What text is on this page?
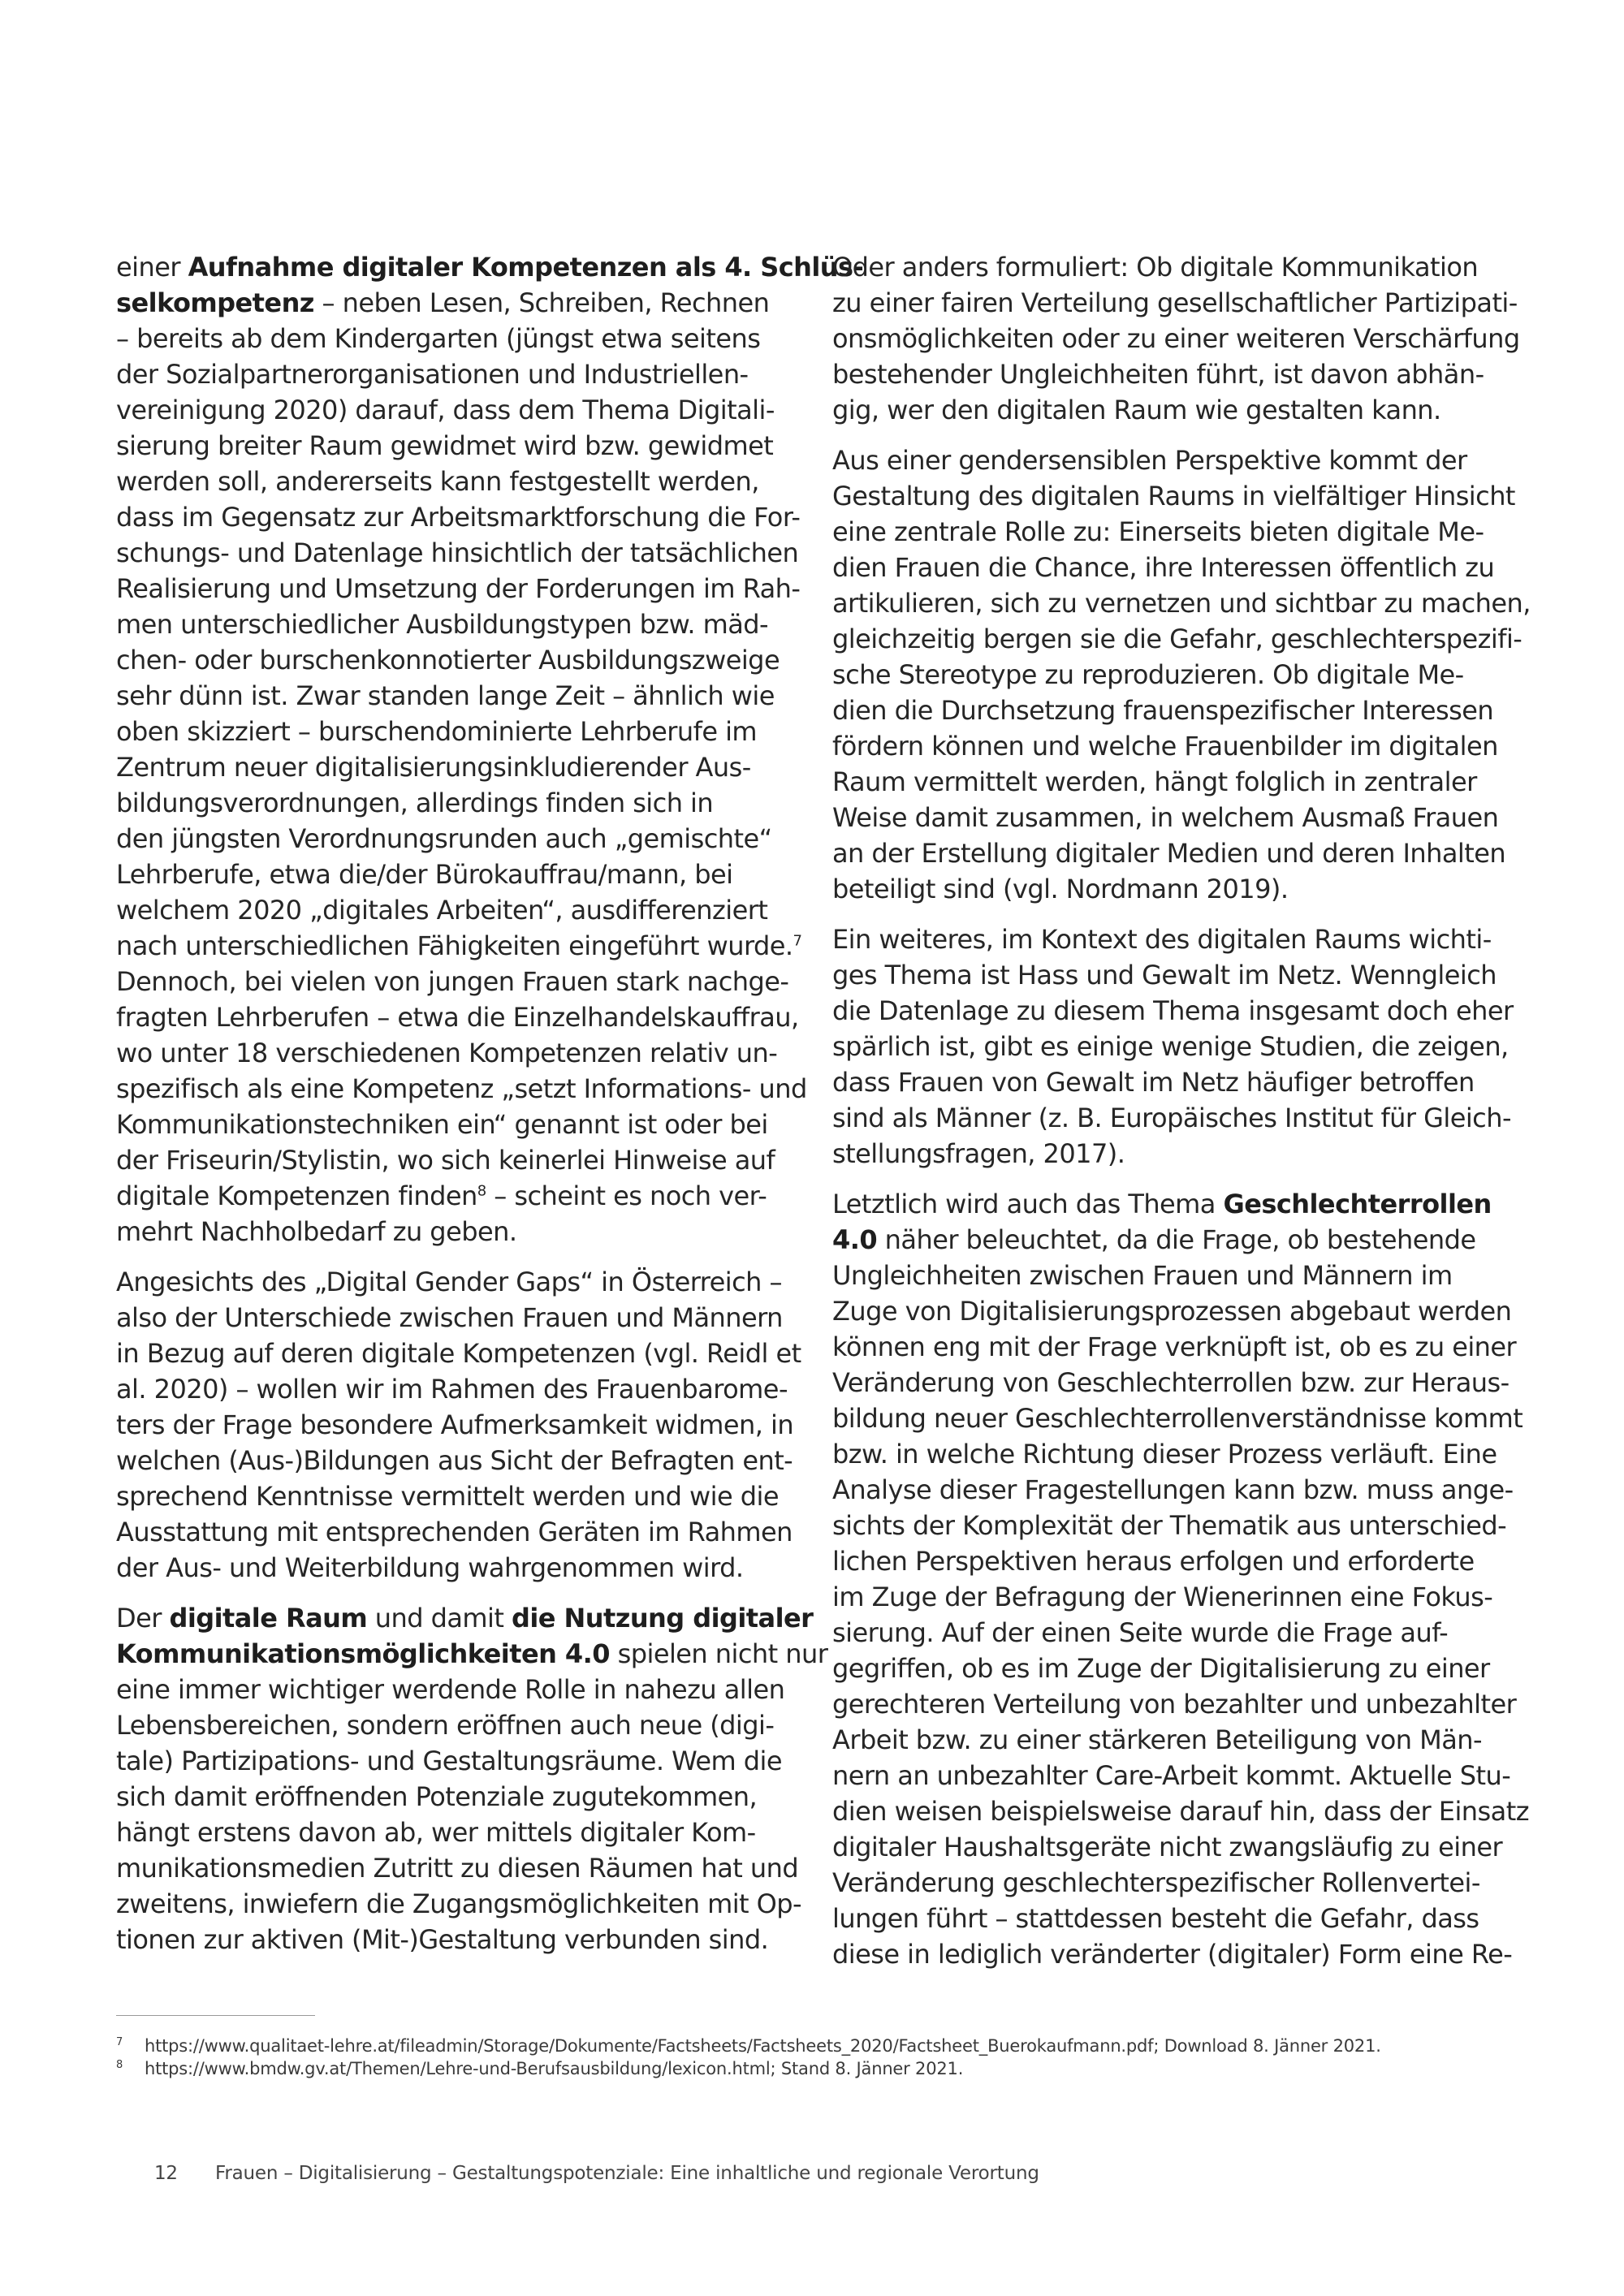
einer Aufnahme digitaler Kompetenzen als 4. Schlüs-
selkompetenz – neben Lesen, Schreiben, Rechnen
– bereits ab dem Kindergarten (jüngst etwa seitens
der Sozialpartnerorganisationen und Industriellen-
vereinigung 2020) darauf, dass dem Thema Digitali-
sierung breiter Raum gewidmet wird bzw. gewidmet
werden soll, andererseits kann festgestellt werden,
dass im Gegensatz zur Arbeitsmarktforschung die For-
schungs- und Datenlage hinsichtlich der tatsächlichen
Realisierung und Umsetzung der Forderungen im Rah-
men unterschiedlicher Ausbildungstypen bzw. mäd-
chen- oder burschenkonnotierter Ausbildungszweige
sehr dünn ist. Zwar standen lange Zeit – ähnlich wie
oben skizziert – burschendominierte Lehrberufe im
Zentrum neuer digitalisierungsinkludierender Aus-
bildungsverordnungen, allerdings finden sich in
den jüngsten Verordnungsrunden auch „gemischte“
Lehrberufe, etwa die/der Bürokauffrau/mann, bei
welchem 2020 „digitales Arbeiten“, ausdifferenziert
nach unterschiedlichen Fähigkeiten eingeführt wurde.$^7$
Dennoch, bei vielen von jungen Frauen stark nachge-
fragten Lehrberufen – etwa die Einzelhandelskauffrau,
wo unter 18 verschiedenen Kompetenzen relativ un-
spezifisch als eine Kompetenz „setzt Informations- und
Kommunikationstechniken ein“ genannt ist oder bei
der Friseurin/Stylistin, wo sich keinerlei Hinweise auf
digitale Kompetenzen finden$^8$ – scheint es noch ver-
mehrt Nachholbedarf zu geben.

Angesichts des „Digital Gender Gaps“ in Österreich –
also der Unterschiede zwischen Frauen und Männern
in Bezug auf deren digitale Kompetenzen (vgl. Reidl et
al. 2020) – wollen wir im Rahmen des Frauenbarome-
ters der Frage besondere Aufmerksamkeit widmen, in
welchen (Aus-)Bildungen aus Sicht der Befragten ent-
sprechend Kenntnisse vermittelt werden und wie die
Ausstattung mit entsprechenden Geräten im Rahmen
der Aus- und Weiterbildung wahrgenommen wird.

Der digitale Raum und damit die Nutzung digitaler
Kommunikationsmöglichkeiten 4.0 spielen nicht nur
eine immer wichtiger werdende Rolle in nahezu allen
Lebensbereichen, sondern eröffnen auch neue (digi-
tale) Partizipations- und Gestaltungsräume. Wem die
sich damit eröffnenden Potenziale zugutekommen,
hängt erstens davon ab, wer mittels digitaler Kom-
munikationsmedien Zutritt zu diesen Räumen hat und
zweitens, inwiefern die Zugangsmöglichkeiten mit Op-
tionen zur aktiven (Mit-)Gestaltung verbunden sind.

Oder anders formuliert: Ob digitale Kommunikation
zu einer fairen Verteilung gesellschaftlicher Partizipati-
onsmöglichkeiten oder zu einer weiteren Verschärfung
bestehender Ungleichheiten führt, ist davon abhän-
gig, wer den digitalen Raum wie gestalten kann.

Aus einer gendersensiblen Perspektive kommt der
Gestaltung des digitalen Raums in vielfältiger Hinsicht
eine zentrale Rolle zu: Einerseits bieten digitale Me-
dien Frauen die Chance, ihre Interessen öffentlich zu
artikulieren, sich zu vernetzen und sichtbar zu machen,
gleichzeitig bergen sie die Gefahr, geschlechterspezifi-
sche Stereotype zu reproduzieren. Ob digitale Me-
dien die Durchsetzung frauenspezifischer Interessen
fördern können und welche Frauenbilder im digitalen
Raum vermittelt werden, hängt folglich in zentraler
Weise damit zusammen, in welchem Ausmaß Frauen
an der Erstellung digitaler Medien und deren Inhalten
beteiligt sind (vgl. Nordmann 2019).

Ein weiteres, im Kontext des digitalen Raums wichti-
ges Thema ist Hass und Gewalt im Netz. Wenngleich
die Datenlage zu diesem Thema insgesamt doch eher
spärlich ist, gibt es einige wenige Studien, die zeigen,
dass Frauen von Gewalt im Netz häufiger betroffen
sind als Männer (z. B. Europäisches Institut für Gleich-
stellungsfragen, 2017).

Letztlich wird auch das Thema Geschlechterrollen
4.0 näher beleuchtet, da die Frage, ob bestehende
Ungleichheiten zwischen Frauen und Männern im
Zuge von Digitalisierungsprozessen abgebaut werden
können eng mit der Frage verknüpft ist, ob es zu einer
Veränderung von Geschlechterrollen bzw. zur Heraus-
bildung neuer Geschlechterrollenverständnisse kommt
bzw. in welche Richtung dieser Prozess verläuft. Eine
Analyse dieser Fragestellungen kann bzw. muss ange-
sichts der Komplexität der Thematik aus unterschied-
lichen Perspektiven heraus erfolgen und erforderte
im Zuge der Befragung der Wienerinnen eine Fokus-
sierung. Auf der einen Seite wurde die Frage auf-
gegriffen, ob es im Zuge der Digitalisierung zu einer
gerechteren Verteilung von bezahlter und unbezahlter
Arbeit bzw. zu einer stärkeren Beteiligung von Män-
nern an unbezahlter Care-Arbeit kommt. Aktuelle Stu-
dien weisen beispielsweise darauf hin, dass der Einsatz
digitaler Haushaltsgeräte nicht zwangsläufig zu einer
Veränderung geschlechterspezifischer Rollenvertei-
lungen führt – stattdessen besteht die Gefahr, dass
diese in lediglich veränderter (digitaler) Form eine Re-

7	https://www.qualitaet-lehre.at/fileadmin/Storage/Dokumente/Factsheets/Factsheets_2020/Factsheet_Buerokaufmann.pdf; Download 8. Jänner 2021.
8	https://www.bmdw.gv.at/Themen/Lehre-und-Berufsausbildung/lexicon.html; Stand 8. Jänner 2021.
12 Frauen – Digitalisierung – Gestaltungspotenziale: Eine inhaltliche und regionale Verortung
